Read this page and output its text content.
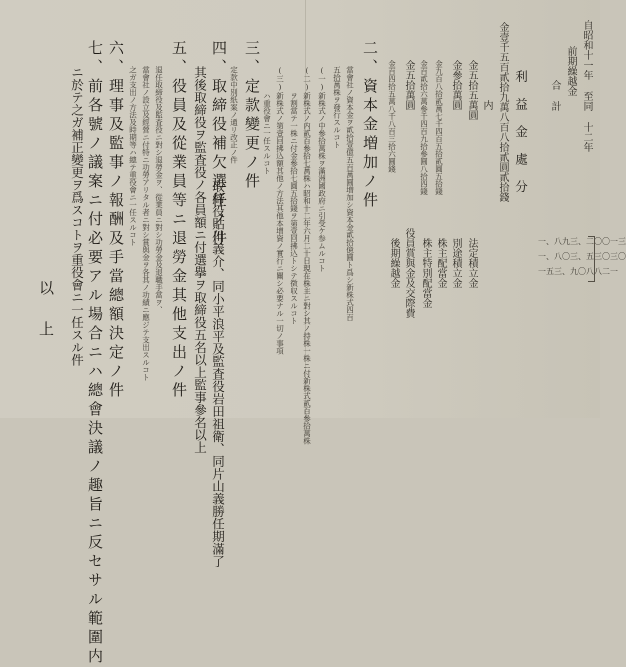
自昭和十一年 至同 十二年
前期繰越金
合 計
利 益 金 處 分
金壹千五百貳拾九萬八百八拾貳圓貳拾錢
内
金五拾五萬圓
法定積立金
金參拾萬圓
別途積立金
金九百八拾貳萬七千四百五拾貳圓五拾錢
株主配當金
金百貳拾六萬參千四百九拾參圓八拾四錢
株主特別配當金
金五拾萬圓
役員賞與金及交際費
金百四拾五萬八千八百三拾六圓錢
後期繰越金	一、八九三、二〇〇一三
一、八〇三、五三〇三〇
一五三、九〇八八二一
二、資本金増加ノ件
當會社ノ資本金ヲ貳拾壹億五百萬圓増加シ資本金貳拾億圓ト爲シ新株式四百
五拾萬株ヲ發行スルコト
(一)
新株式ノ中參拾萬株ヲ滿洲國政府ニ引受ケ参ムルコト
(二)
新株式ノ内貳百參拾七萬株ハ昭和十二年六月二十日現在株主ニ對シ其ノ持株一株ニ付新株式貳百參拾萬株
ヲ割當テ一株ニ付金參拾七圓五拾錢ヲ第壹回拂込トシテ徴収スルコト
(三)
新株式ノ第壹回拂込額其他ノ方法其他本增資ノ實行ニ關シ必要ナル一切ノ事項
ハ重役會ニ一任スルコト
三、定款變更ノ件
定款中別紙案ノ通リ改正ノ件
四、取締役補欠選任ノ件
取締役貼川義介、同小平浪平及監査役岩田祖衛、同片山義勝任期滿了
其後取締役ヲ監査役ノ各員額ニ付選擧ヲ取締役五名以上監事參名以上
五、役員及從業員等ニ退勞金其他支出ノ件
退任取締役及監査役ニ對シ退勞金ヲ、從業員ニ對シ功勞金及退職手當ヲ、
當會社ノ設立及經營ニ付特ニ功勞アリタル者ニ對シ賞與金ヲ各其ノ功績ニ應ジテ支出スルコト
之ガ支出ノ方法及時期等ハ總テ重役會ニ一任スルコト
六、理事及監事ノ報酬及手當總額決定ノ件
七、前各號ノ議案ニ付必要アル場合ニハ總會決議ノ趣旨ニ反セサル範圍内
ニ於テ之ガ補正變更ヲ爲スコトヲ重役會ニ一任スル件
以 上
